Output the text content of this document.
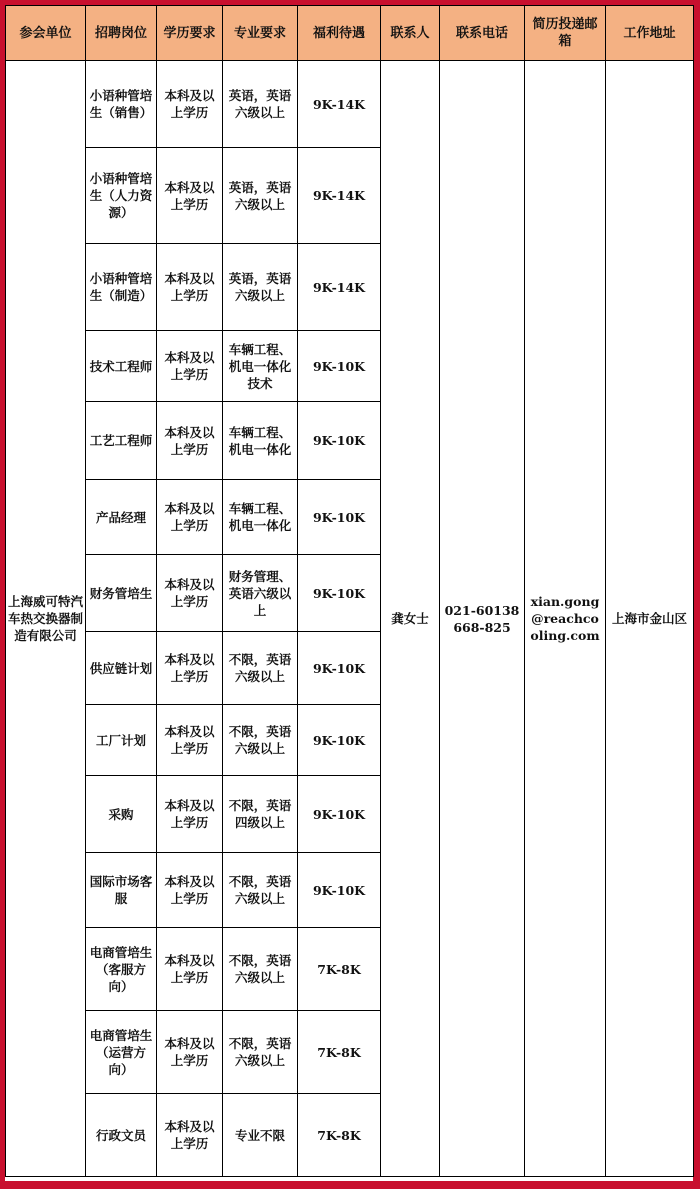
参会单位	招聘岗位	学历要求	专业要求	福利待遇	联系人	联系电话	简历投递邮箱	工作地址
上海威可特汽车热交换器制造有限公司	小语种管培生（销售）	本科及以上学历	英语，英语六级以上	9K-14K	龚女士	021-60138668-825	xian.gong@reachcooling.com	上海市金山区
	小语种管培生（人力资源）	本科及以上学历	英语，英语六级以上	9K-14K				
	小语种管培生（制造）	本科及以上学历	英语，英语六级以上	9K-14K				
	技术工程师	本科及以上学历	车辆工程、机电一体化技术	9K-10K				
	工艺工程师	本科及以上学历	车辆工程、机电一体化	9K-10K				
	产品经理	本科及以上学历	车辆工程、机电一体化	9K-10K				
	财务管培生	本科及以上学历	财务管理、英语六级以上	9K-10K				
	供应链计划	本科及以上学历	不限，英语六级以上	9K-10K				
	工厂计划	本科及以上学历	不限，英语六级以上	9K-10K				
	采购	本科及以上学历	不限，英语四级以上	9K-10K				
	国际市场客服	本科及以上学历	不限，英语六级以上	9K-10K				
	电商管培生（客服方向）	本科及以上学历	不限，英语六级以上	7K-8K				
	电商管培生（运营方向）	本科及以上学历	不限，英语六级以上	7K-8K				
	行政文员	本科及以上学历	专业不限	7K-8K				
